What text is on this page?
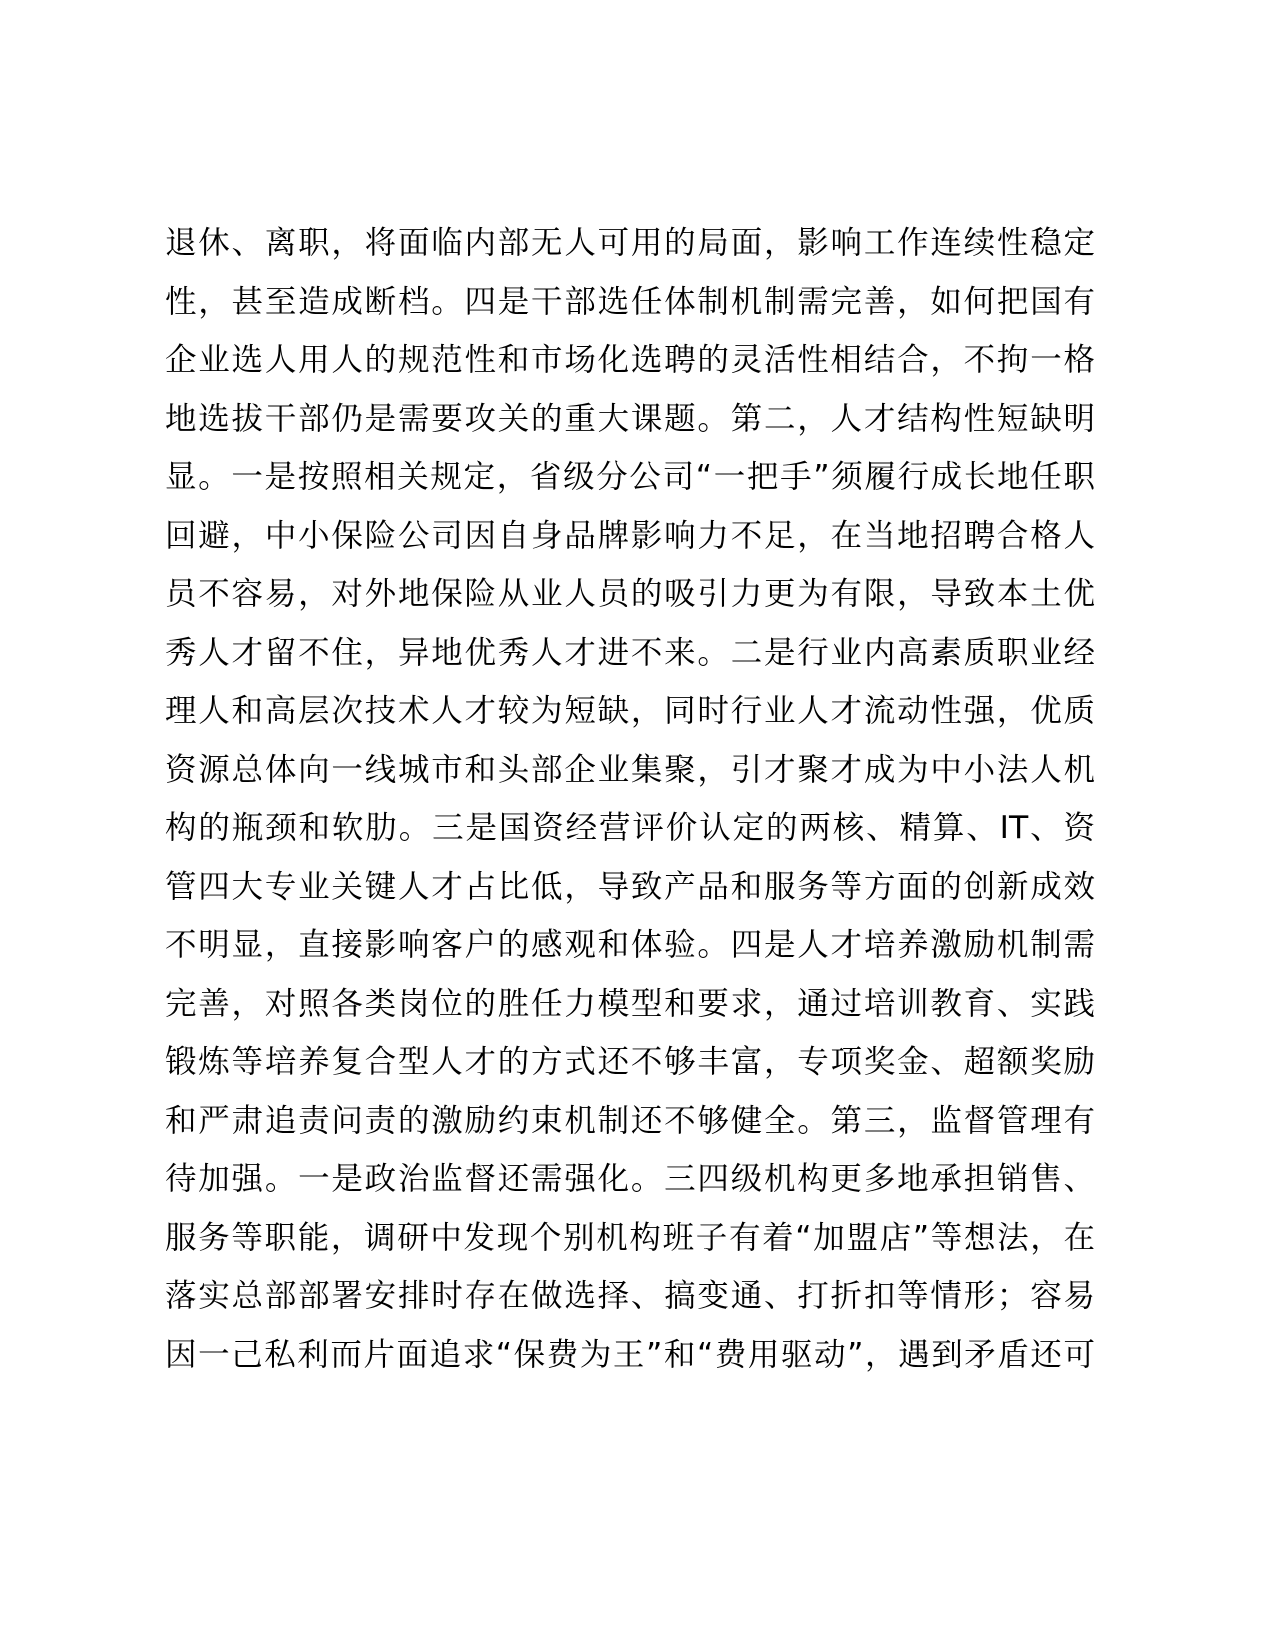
退休、离职，将面临内部无人可用的局面，影响工作连续性稳定
性，甚至造成断档。四是干部选任体制机制需完善，如何把国有
企业选人用人的规范性和市场化选聘的灵活性相结合，不拘一格
地选拔干部仍是需要攻关的重大课题。第二，人才结构性短缺明
显。一是按照相关规定，省级分公司“一把手”须履行成长地任职
回避，中小保险公司因自身品牌影响力不足，在当地招聘合格人
员不容易，对外地保险从业人员的吸引力更为有限，导致本土优
秀人才留不住，异地优秀人才进不来。二是行业内高素质职业经
理人和高层次技术人才较为短缺，同时行业人才流动性强，优质
资源总体向一线城市和头部企业集聚，引才聚才成为中小法人机
构的瓶颈和软肋。三是国资经营评价认定的两核、精算、IT、资
管四大专业关键人才占比低，导致产品和服务等方面的创新成效
不明显，直接影响客户的感观和体验。四是人才培养激励机制需
完善，对照各类岗位的胜任力模型和要求，通过培训教育、实践
锻炼等培养复合型人才的方式还不够丰富，专项奖金、超额奖励
和严肃追责问责的激励约束机制还不够健全。第三，监督管理有
待加强。一是政治监督还需强化。三四级机构更多地承担销售、
服务等职能，调研中发现个别机构班子有着“加盟店”等想法，在
落实总部部署安排时存在做选择、搞变通、打折扣等情形；容易
因一己私利而片面追求“保费为王”和“费用驱动”，遇到矛盾还可
